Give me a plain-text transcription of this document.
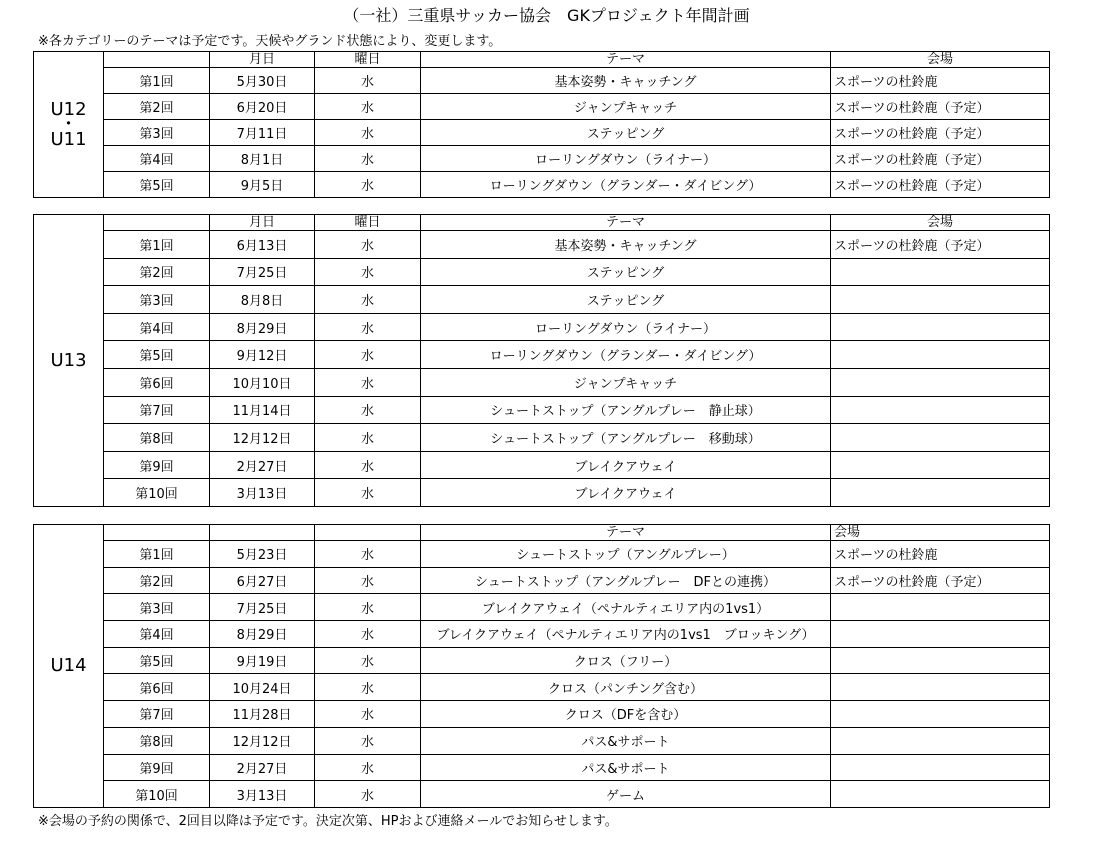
（一社）三重県サッカー協会　GKプロジェクト年間計画
※各カテゴリーのテーマは予定です。天候やグランド状態により、変更します。
U12
・
U11		月日	曜日	テーマ	会場
	第1回	5月30日	水	基本姿勢・キャッチング	スポーツの杜鈴鹿
	第2回	6月20日	水	ジャンプキャッチ	スポーツの杜鈴鹿（予定）
	第3回	7月11日	水	ステッピング	スポーツの杜鈴鹿（予定）
	第4回	8月1日	水	ローリングダウン（ライナー）	スポーツの杜鈴鹿（予定）
	第5回	9月5日	水	ローリングダウン（グランダー・ダイビング）	スポーツの杜鈴鹿（予定）
U13		月日	曜日	テーマ	会場
	第1回	6月13日	水	基本姿勢・キャッチング	スポーツの杜鈴鹿（予定）
	第2回	7月25日	水	ステッピング	
	第3回	8月8日	水	ステッピング	
	第4回	8月29日	水	ローリングダウン（ライナー）	
	第5回	9月12日	水	ローリングダウン（グランダー・ダイビング）	
	第6回	10月10日	水	ジャンプキャッチ	
	第7回	11月14日	水	シュートストップ（アングルプレー　静止球）	
	第8回	12月12日	水	シュートストップ（アングルプレー　移動球）	
	第9回	2月27日	水	ブレイクアウェイ	
	第10回	3月13日	水	ブレイクアウェイ	
U14				テーマ	会場
	第1回	5月23日	水	シュートストップ（アングルプレー）	スポーツの杜鈴鹿
	第2回	6月27日	水	シュートストップ（アングルプレー　DFとの連携）	スポーツの杜鈴鹿（予定）
	第3回	7月25日	水	ブレイクアウェイ（ペナルティエリア内の1vs1）	
	第4回	8月29日	水	ブレイクアウェイ（ペナルティエリア内の1vs1　ブロッキング）	
	第5回	9月19日	水	クロス（フリー）	
	第6回	10月24日	水	クロス（パンチング含む）	
	第7回	11月28日	水	クロス（DFを含む）	
	第8回	12月12日	水	パス&サポート	
	第9回	2月27日	水	パス&サポート	
	第10回	3月13日	水	ゲーム	
※会場の予約の関係で、2回目以降は予定です。決定次第、HPおよび連絡メールでお知らせします。
